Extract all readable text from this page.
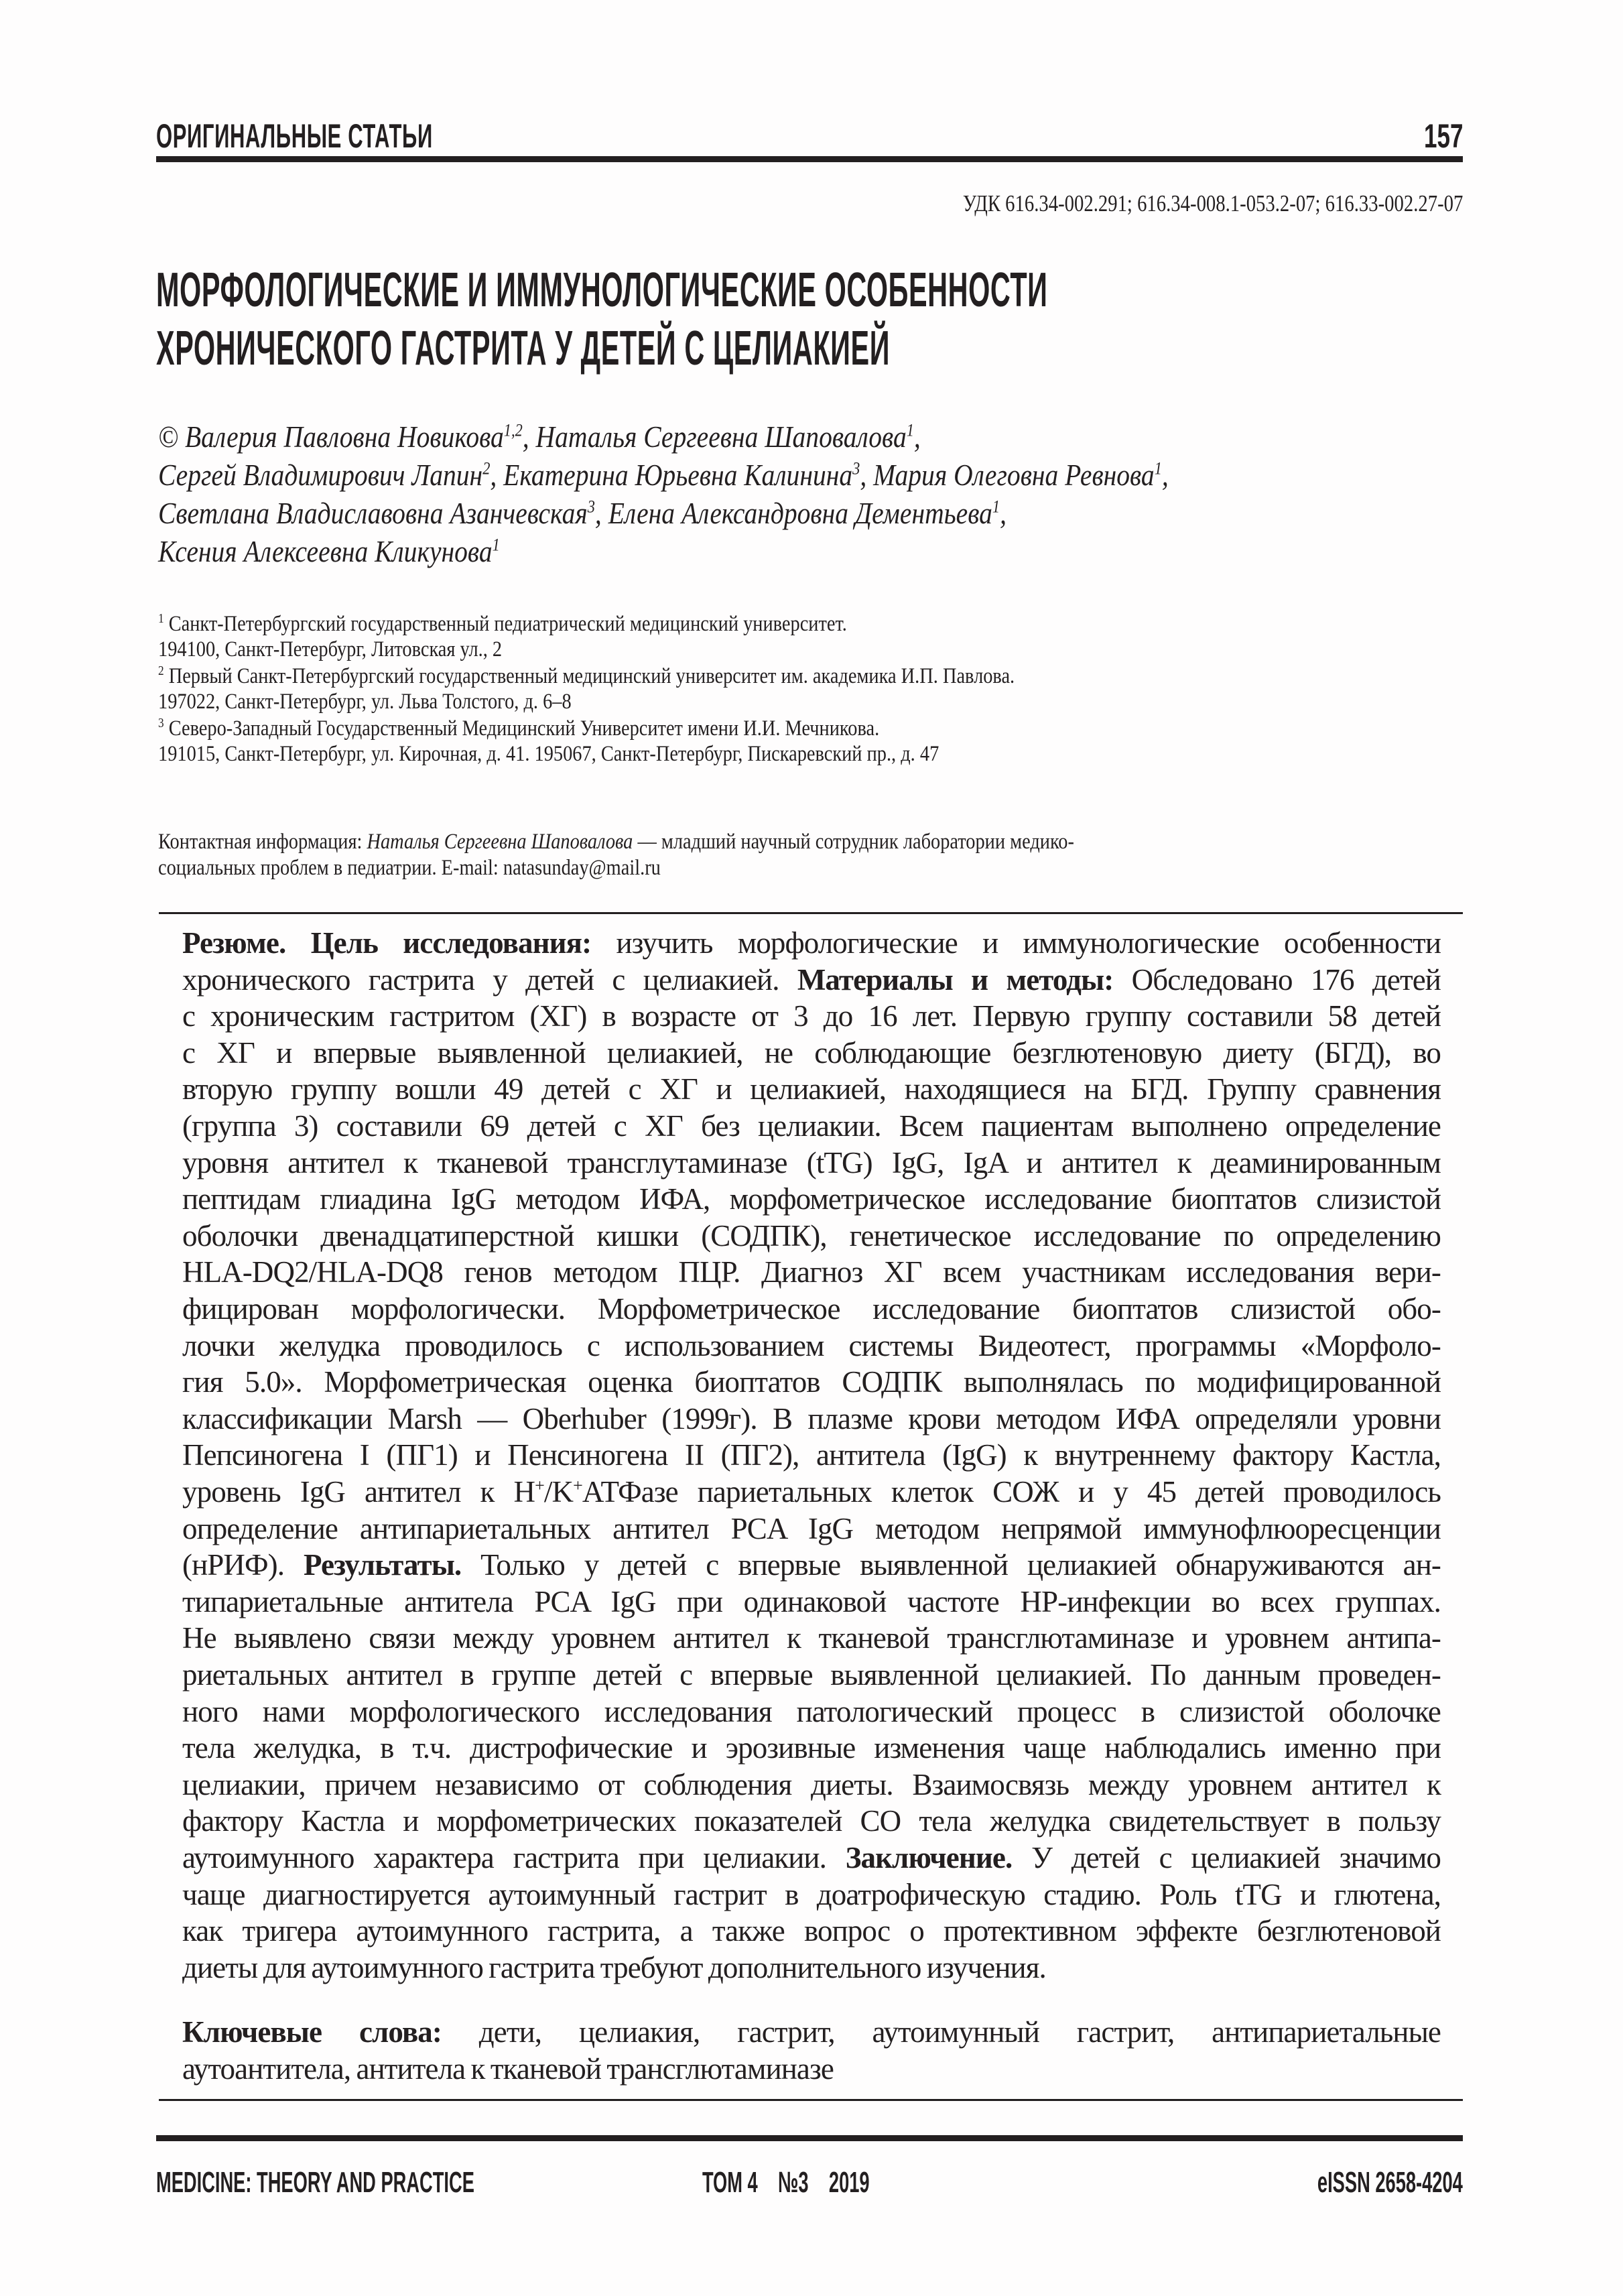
ОРИГИНАЛЬНЫЕ СТАТЬИ	157
УДК 616.34-002.291; 616.34-008.1-053.2-07; 616.33-002.27-07
МОРФОЛОГИЧЕСКИЕ И ИММУНОЛОГИЧЕСКИЕ ОСОБЕННОСТИ
ХРОНИЧЕСКОГО ГАСТРИТА У ДЕТЕЙ С ЦЕЛИАКИЕЙ
© Валерия Павловна Новикова$^{1,2}$, Наталья Сергеевна Шаповалова$^1$,
Сергей Владимирович Лапин$^2$, Екатерина Юрьевна Калинина$^3$, Мария Олеговна Ревнова$^1$,
Светлана Владиславовна Азанчевская$^3$, Елена Александровна Дементьева$^1$,
Ксения Алексеевна Кликунова$^1$
$^1$ Санкт-Петербургский государственный педиатрический медицинский университет.
194100, Санкт-Петербург, Литовская ул., 2
$^2$ Первый Санкт-Петербургский государственный медицинский университет им. академика И.П. Павлова.
197022, Санкт-Петербург, ул. Льва Толстого, д. 6–8
$^3$ Северо-Западный Государственный Медицинский Университет имени И.И. Мечникова.
191015, Санкт-Петербург, ул. Кирочная, д. 41. 195067, Санкт-Петербург, Пискаревский пр., д. 47
Контактная информация: Наталья Сергеевна Шаповалова — младший научный сотрудник лаборатории медико-
социальных проблем в педиатрии. E-mail: natasunday@mail.ru
Резюме. Цель исследования: изучить морфологические и иммунологические особенности
хронического гастрита у детей с целиакией. Материалы и методы: Обследовано 176 детей
с хроническим гастритом (ХГ) в возрасте от 3 до 16 лет. Первую группу составили 58 детей
с ХГ и впервые выявленной целиакией, не соблюдающие безглютеновую диету (БГД), во
вторую группу вошли 49 детей с ХГ и целиакией, находящиеся на БГД. Группу сравнения
(группа 3) составили 69 детей с ХГ без целиакии. Всем пациентам выполнено определение
уровня антител к тканевой трансглутаминазе (tTG) IgG, IgA и антител к деаминированным
пептидам глиадина IgG методом ИФА, морфометрическое исследование биоптатов слизистой
оболочки двенадцатиперстной кишки (СОДПК), генетическое исследование по определению
HLA-DQ2/HLA-DQ8 генов методом ПЦР. Диагноз ХГ всем участникам исследования вери-
фицирован морфологически. Морфометрическое исследование биоптатов слизистой обо-
лочки желудка проводилось с использованием системы Видеотест, программы «Морфоло-
гия 5.0». Морфометрическая оценка биоптатов СОДПК выполнялась по модифицированной
классификации Marsh — Oberhuber (1999г). В плазме крови методом ИФА определяли уровни
Пепсиногена I (ПГ1) и Пенсиногена II (ПГ2), антитела (IgG) к внутреннему фактору Кастла,
уровень IgG антител к H+/K+АТФазе париетальных клеток СОЖ и у 45 детей проводилось
определение антипариетальных антител PCA IgG методом непрямой иммунофлюоресценции
(нРИФ). Результаты. Только у детей с впервые выявленной целиакией обнаруживаются ан-
типариетальные антитела PCA IgG при одинаковой частоте HP-инфекции во всех группах.
Не выявлено связи между уровнем антител к тканевой трансглютаминазе и уровнем антипа-
риетальных антител в группе детей с впервые выявленной целиакией. По данным проведен-
ного нами морфологического исследования патологический процесс в слизистой оболочке
тела желудка, в т.ч. дистрофические и эрозивные изменения чаще наблюдались именно при
целиакии, причем независимо от соблюдения диеты. Взаимосвязь между уровнем антител к
фактору Кастла и морфометрических показателей СО тела желудка свидетельствует в пользу
аутоимунного характера гастрита при целиакии. Заключение. У детей с целиакией значимо
чаще диагностируется аутоимунный гастрит в доатрофическую стадию. Роль tTG и глютена,
как тригера аутоимунного гастрита, а также вопрос о протективном эффекте безглютеновой
диеты для аутоимунного гастрита требуют дополнительного изучения.
Ключевые слова: дети, целиакия, гастрит, аутоимунный гастрит, антипариетальные
аутоантитела, антитела к тканевой трансглютаминазе
MEDICINE: THEORY AND PRACTICE	ТОМ 4 №3 2019	eISSN 2658-4204
